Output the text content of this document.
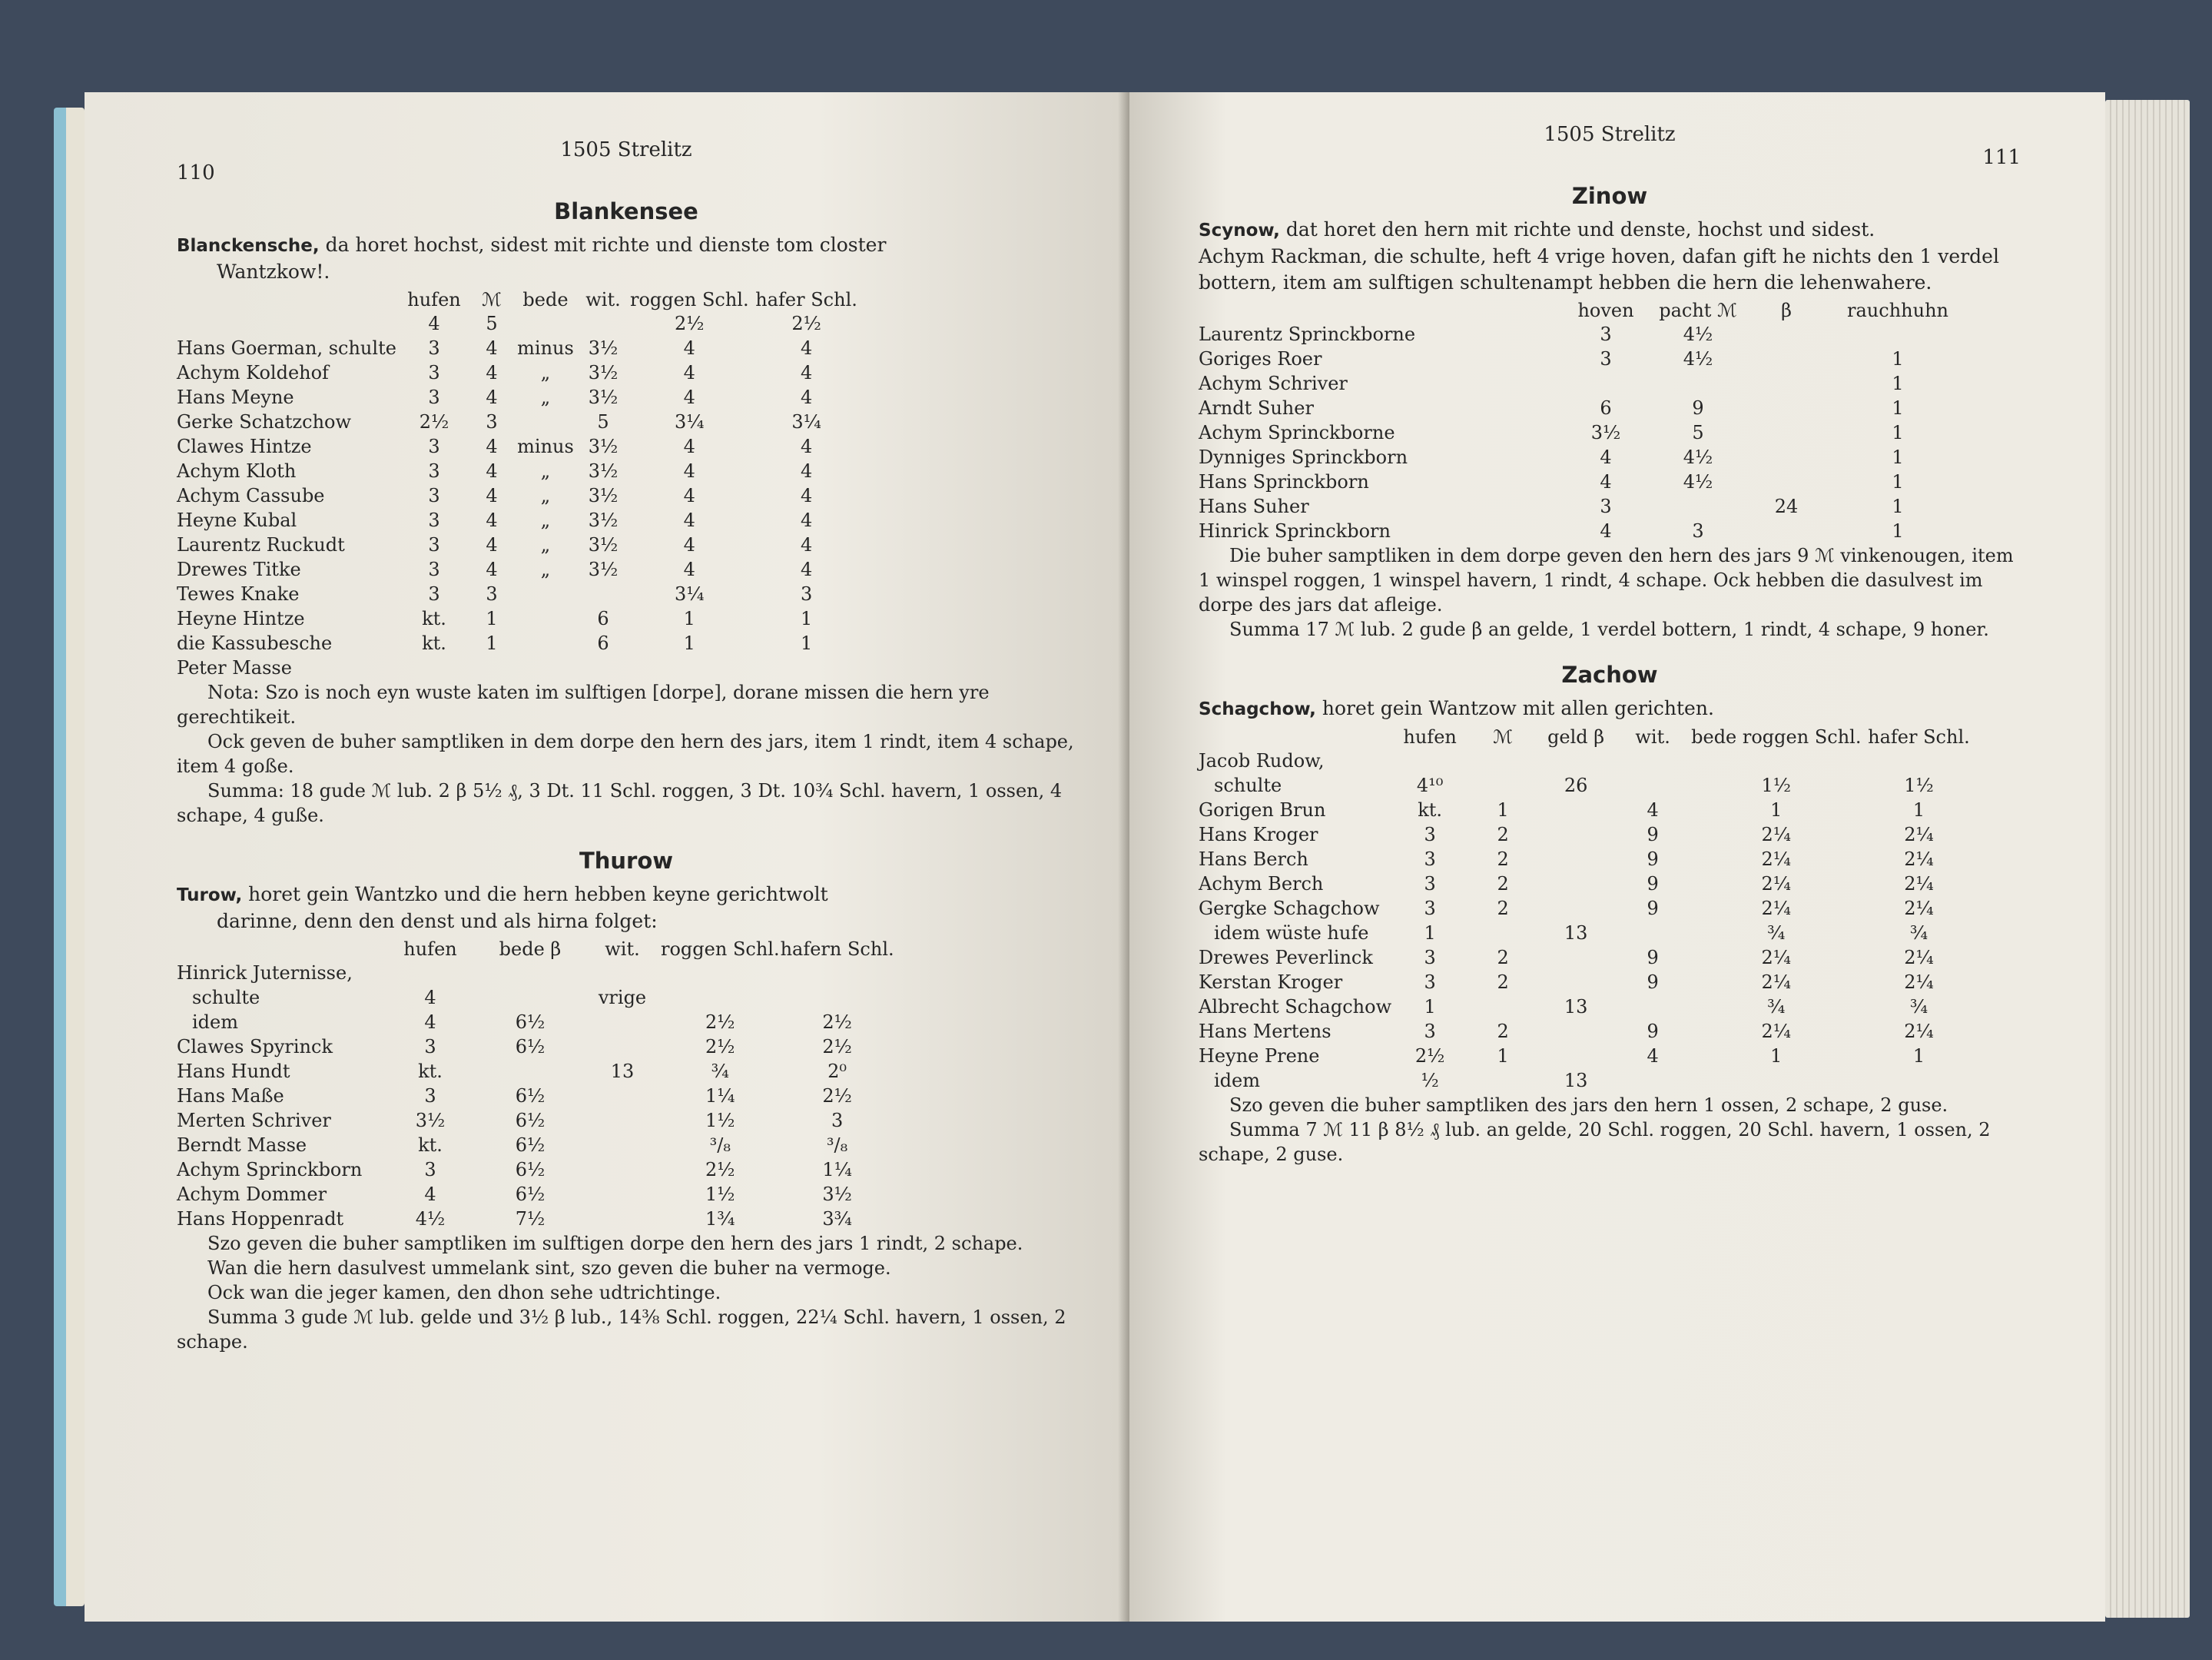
110
1505 Strelitz
Blankensee

Blanckensche, da horet hochst, sidest mit richte und dienste tom closter
Wantzkow!.

	hufen	ℳ	bede	wit.	roggen Schl.	hafer Schl.
	4	5			2½	2½
Hans Goerman, schulte	3	4	minus	3½	4	4
Achym Koldehof	3	4	„	3½	4	4
Hans Meyne	3	4	„	3½	4	4
Gerke Schatzchow	2½	3		5	3¼	3¼
Clawes Hintze	3	4	minus	3½	4	4
Achym Kloth	3	4	„	3½	4	4
Achym Cassube	3	4	„	3½	4	4
Heyne Kubal	3	4	„	3½	4	4
Laurentz Ruckudt	3	4	„	3½	4	4
Drewes Titke	3	4	„	3½	4	4
Tewes Knake	3	3			3¼	3
Heyne Hintze	kt.	1		6	1	1
die Kassubesche	kt.	1		6	1	1
Peter Masse						

Nota: Szo is noch eyn wuste katen im sulftigen [dorpe], dorane missen die hern yre gerechtikeit.

Ock geven de buher samptliken in dem dorpe den hern des jars, item 1 rindt, item 4 schape, item 4 goße.

Summa: 18 gude ℳ lub. 2 β 5½ ₰, 3 Dt. 11 Schl. roggen, 3 Dt. 10¾ Schl. havern, 1 ossen, 4 schape, 4 guße.

Thurow

Turow, horet gein Wantzko und die hern hebben keyne gerichtwolt
darinne, denn den denst und als hirna folget:

	hufen	bede β	wit.	roggen Schl.	hafern Schl.
Hinrick Juternisse,					
schulte	4		vrige		
idem	4	6½		2½	2½
Clawes Spyrinck	3	6½		2½	2½
Hans Hundt	kt.		13	¾	2⁰
Hans Maße	3	6½		1¼	2½
Merten Schriver	3½	6½		1½	3
Berndt Masse	kt.	6½		³/₈	³/₈
Achym Sprinckborn	3	6½		2½	1¼
Achym Dommer	4	6½		1½	3½
Hans Hoppenradt	4½	7½		1¾	3¾

Szo geven die buher samptliken im sulftigen dorpe den hern des jars 1 rindt, 2 schape.

Wan die hern dasulvest ummelank sint, szo geven die buher na vermoge.

Ock wan die jeger kamen, den dhon sehe udtrichtinge.

Summa 3 gude ℳ lub. gelde und 3½ β lub., 14⅜ Schl. roggen, 22¼ Schl. havern, 1 ossen, 2 schape.

1505 Strelitz
111
Zinow

Scynow, dat horet den hern mit richte und denste, hochst und sidest.
Achym Rackman, die schulte, heft 4 vrige hoven, dafan gift he nichts den 1 verdel bottern, item am sulftigen schultenampt hebben die hern die lehenwahere.

	hoven	pacht ℳ	β	rauchhuhn
Laurentz Sprinckborne	3	4½		
Goriges Roer	3	4½		1
Achym Schriver				1
Arndt Suher	6	9		1
Achym Sprinckborne	3½	5		1
Dynniges Sprinckborn	4	4½		1
Hans Sprinckborn	4	4½		1
Hans Suher	3		24	1
Hinrick Sprinckborn	4	3		1

Die buher samptliken in dem dorpe geven den hern des jars 9 ℳ vinkenougen, item 1 winspel roggen, 1 winspel havern, 1 rindt, 4 schape. Ock hebben die dasulvest im dorpe des jars dat afleige.

Summa 17 ℳ lub. 2 gude β an gelde, 1 verdel bottern, 1 rindt, 4 schape, 9 honer.

Zachow

Schagchow, horet gein Wantzow mit allen gerichten.

	hufen	ℳ	geld β	wit.	bede roggen Schl.	hafer Schl.
Jacob Rudow,						
schulte	4¹⁰		26		1½	1½
Gorigen Brun	kt.	1		4	1	1
Hans Kroger	3	2		9	2¼	2¼
Hans Berch	3	2		9	2¼	2¼
Achym Berch	3	2		9	2¼	2¼
Gergke Schagchow	3	2		9	2¼	2¼
idem wüste hufe	1		13		¾	¾
Drewes Peverlinck	3	2		9	2¼	2¼
Kerstan Kroger	3	2		9	2¼	2¼
Albrecht Schagchow	1		13		¾	¾
Hans Mertens	3	2		9	2¼	2¼
Heyne Prene	2½	1		4	1	1
idem	½		13			

Szo geven die buher samptliken des jars den hern 1 ossen, 2 schape, 2 guse.

Summa 7 ℳ 11 β 8½ ₰ lub. an gelde, 20 Schl. roggen, 20 Schl. havern, 1 ossen, 2 schape, 2 guse.
